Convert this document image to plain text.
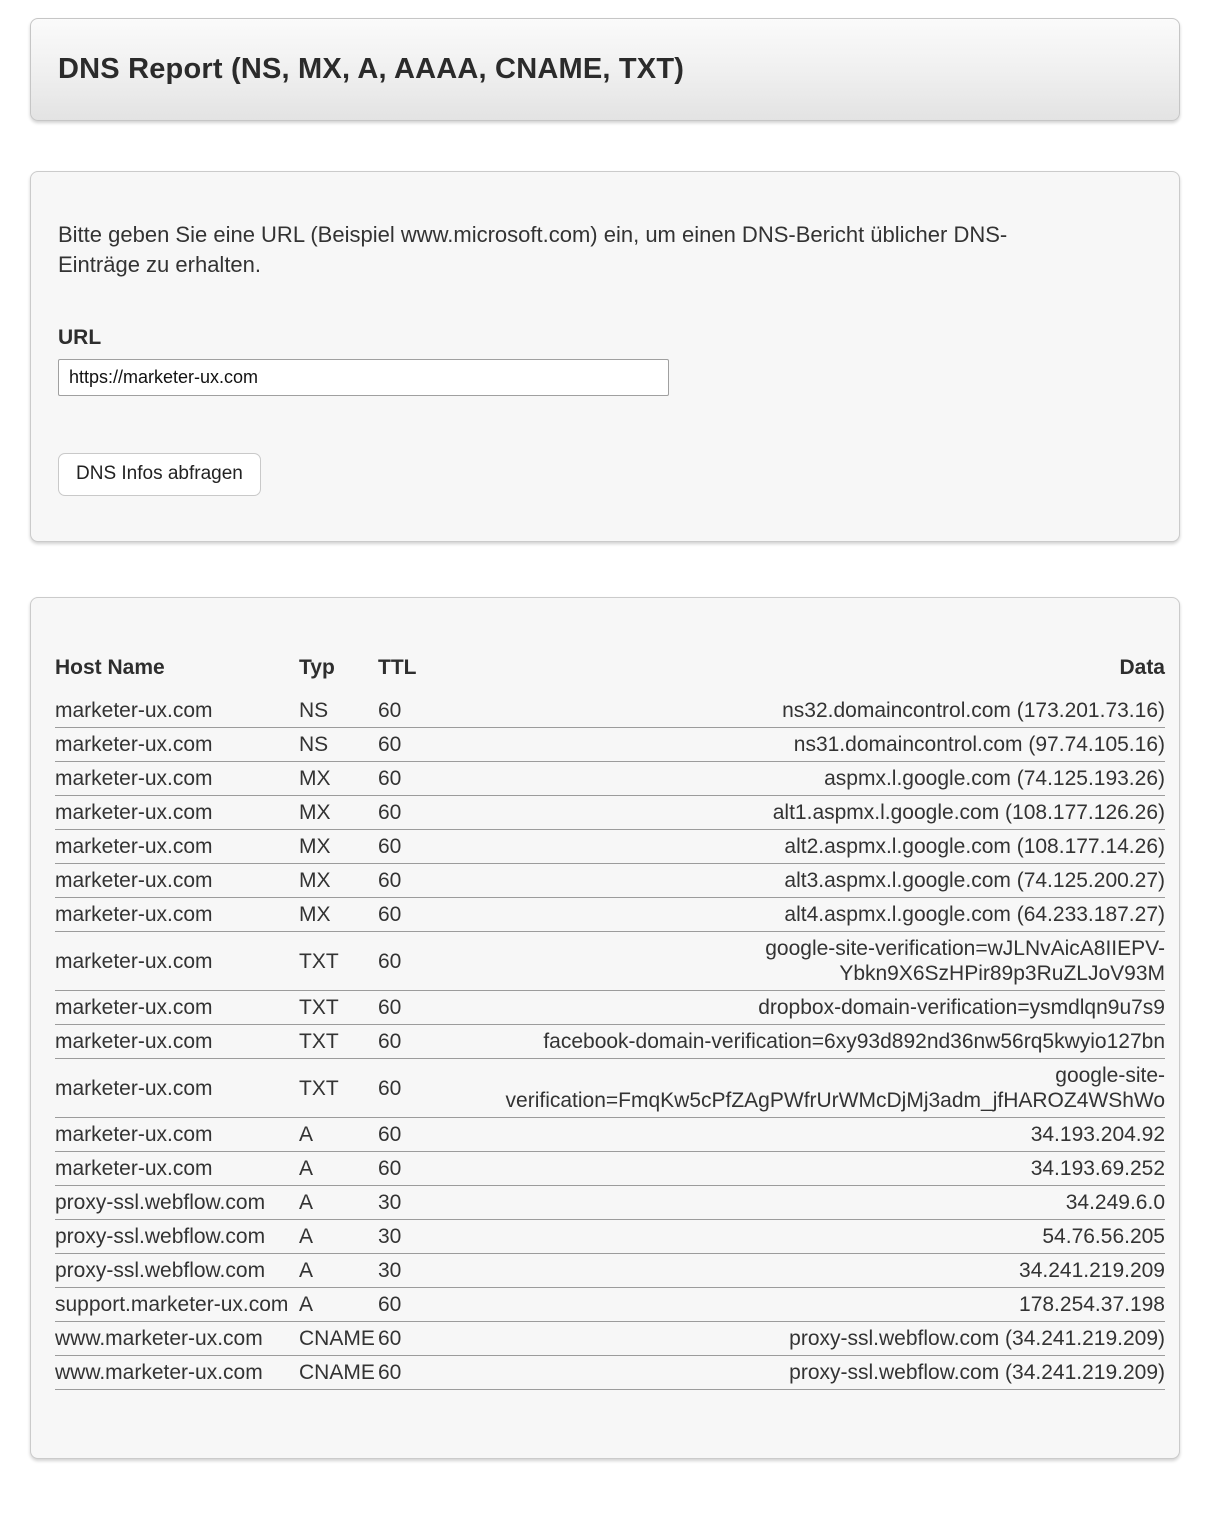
DNS Report (NS, MX, A, AAAA, CNAME, TXT)

Bitte geben Sie eine URL (Beispiel www.microsoft.com) ein, um einen DNS-Bericht üblicher DNS-Einträge zu erhalten.

URL
https://marketer-ux.com DNS Infos abfragen
Host Name	Typ	TTL	Data
marketer-ux.com	NS	60	ns32.domaincontrol.com (173.201.73.16)
marketer-ux.com	NS	60	ns31.domaincontrol.com (97.74.105.16)
marketer-ux.com	MX	60	aspmx.l.google.com (74.125.193.26)
marketer-ux.com	MX	60	alt1.aspmx.l.google.com (108.177.126.26)
marketer-ux.com	MX	60	alt2.aspmx.l.google.com (108.177.14.26)
marketer-ux.com	MX	60	alt3.aspmx.l.google.com (74.125.200.27)
marketer-ux.com	MX	60	alt4.aspmx.l.google.com (64.233.187.27)
marketer-ux.com	TXT	60	google-site-verification=wJLNvAicA8IIEPV-Ybkn9X6SzHPir89p3RuZLJoV93M
marketer-ux.com	TXT	60	dropbox-domain-verification=ysmdlqn9u7s9
marketer-ux.com	TXT	60	facebook-domain-verification=6xy93d892nd36nw56rq5kwyio127bn
marketer-ux.com	TXT	60	google-site-verification=FmqKw5cPfZAgPWfrUrWMcDjMj3adm_jfHAROZ4WShWo
marketer-ux.com	A	60	34.193.204.92
marketer-ux.com	A	60	34.193.69.252
proxy-ssl.webflow.com	A	30	34.249.6.0
proxy-ssl.webflow.com	A	30	54.76.56.205
proxy-ssl.webflow.com	A	30	34.241.219.209
support.marketer-ux.com	A	60	178.254.37.198
www.marketer-ux.com	CNAME	60	proxy-ssl.webflow.com (34.241.219.209)
www.marketer-ux.com	CNAME	60	proxy-ssl.webflow.com (34.241.219.209)
